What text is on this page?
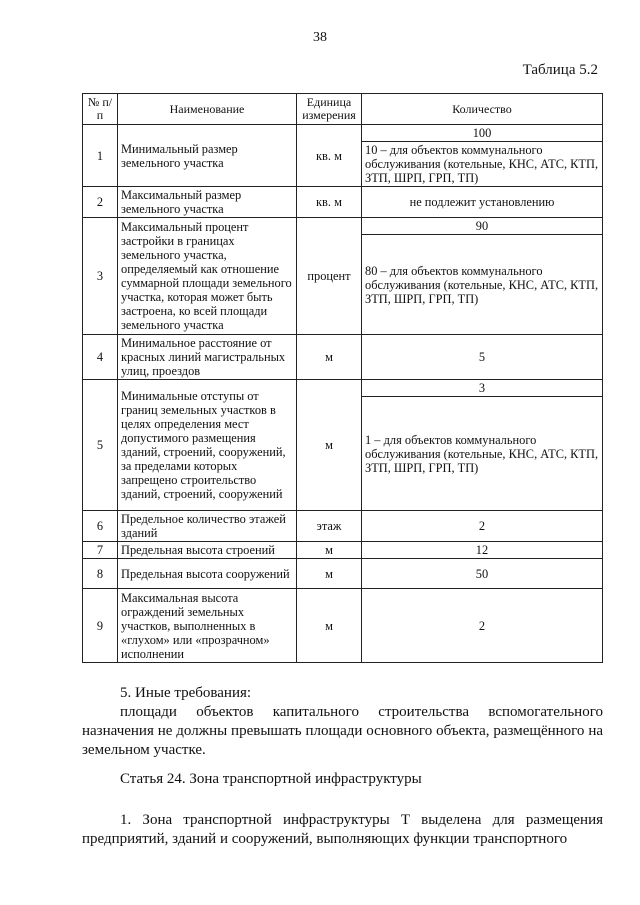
38
Таблица 5.2
№ п/п	Наименование	Единица измерения	Количество
1	Минимальный размер земельного участка	кв. м	100
			10 – для объектов коммунального обслуживания (котельные, КНС, АТС, КТП, ЗТП, ШРП, ГРП, ТП)
2	Максимальный размер земельного участка	кв. м	не подлежит установлению
3	Максимальный процент застройки в границах земельного участка, определяемый как отношение суммарной площади земельного участка, которая может быть застроена, ко всей площади земельного участка	процент	90
			80 – для объектов коммунального обслуживания (котельные, КНС, АТС, КТП, ЗТП, ШРП, ГРП, ТП)
4	Минимальное расстояние от красных линий магистральных улиц, проездов	м	5
5	Минимальные отступы от границ земельных участков в целях определения мест допустимого размещения зданий, строений, сооружений, за пределами которых запрещено строительство зданий, строений, сооружений	м	3
			1 – для объектов коммунального обслуживания (котельные, КНС, АТС, КТП, ЗТП, ШРП, ГРП, ТП)
6	Предельное количество этажей зданий	этаж	2
7	Предельная высота строений	м	12
8	Предельная высота сооружений	м	50
9	Максимальная высота ограждений земельных участков, выполненных в «глухом» или «прозрачном» исполнении	м	2
5. Иные требования:
площади объектов капитального строительства вспомогательного назначения не должны превышать площади основного объекта, размещённого на земельном участке.
Статья 24. Зона транспортной инфраструктуры
1. Зона транспортной инфраструктуры Т выделена для размещения предприятий, зданий и сооружений, выполняющих функции транспортного
